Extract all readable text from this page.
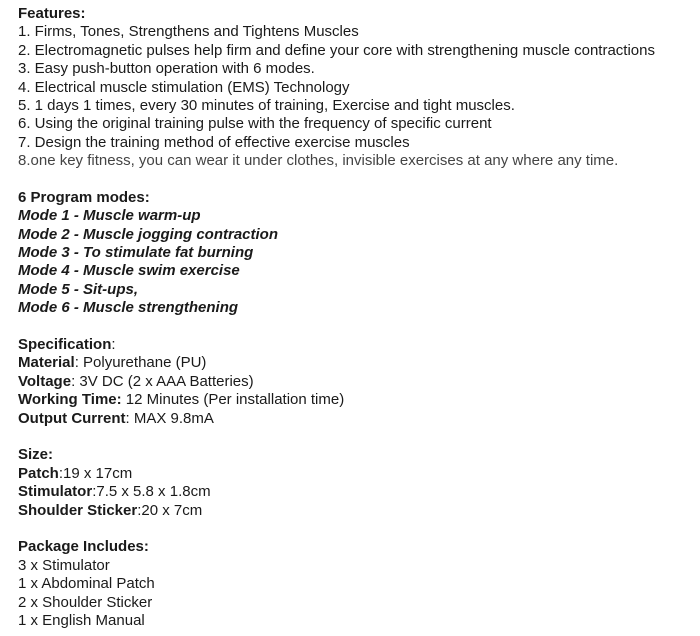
Features:
1. Firms, Tones, Strengthens and Tightens Muscles
2. Electromagnetic pulses help firm and define your core with strengthening muscle contractions
3. Easy push-button operation with 6 modes.
4. Electrical muscle stimulation (EMS) Technology
5. 1 days 1 times, every 30 minutes of training, Exercise and tight muscles.
6. Using the original training pulse with the frequency of specific current
7. Design the training method of effective exercise muscles
8.one key fitness, you can wear it under clothes, invisible exercises at any where any time.
6 Program modes:
Mode 1 - Muscle warm-up
Mode 2 - Muscle jogging contraction
Mode 3 - To stimulate fat burning
Mode 4 - Muscle swim exercise
Mode 5 - Sit-ups,
Mode 6 - Muscle strengthening
Specification:
Material: Polyurethane (PU)
Voltage: 3V DC (2 x AAA Batteries)
Working Time: 12 Minutes (Per installation time)
Output Current: MAX 9.8mA
Size:
Patch:19 x 17cm
Stimulator:7.5 x 5.8 x 1.8cm
Shoulder Sticker:20 x 7cm
Package Includes:
3 x Stimulator
1 x Abdominal Patch
2 x Shoulder Sticker
1 x English Manual
